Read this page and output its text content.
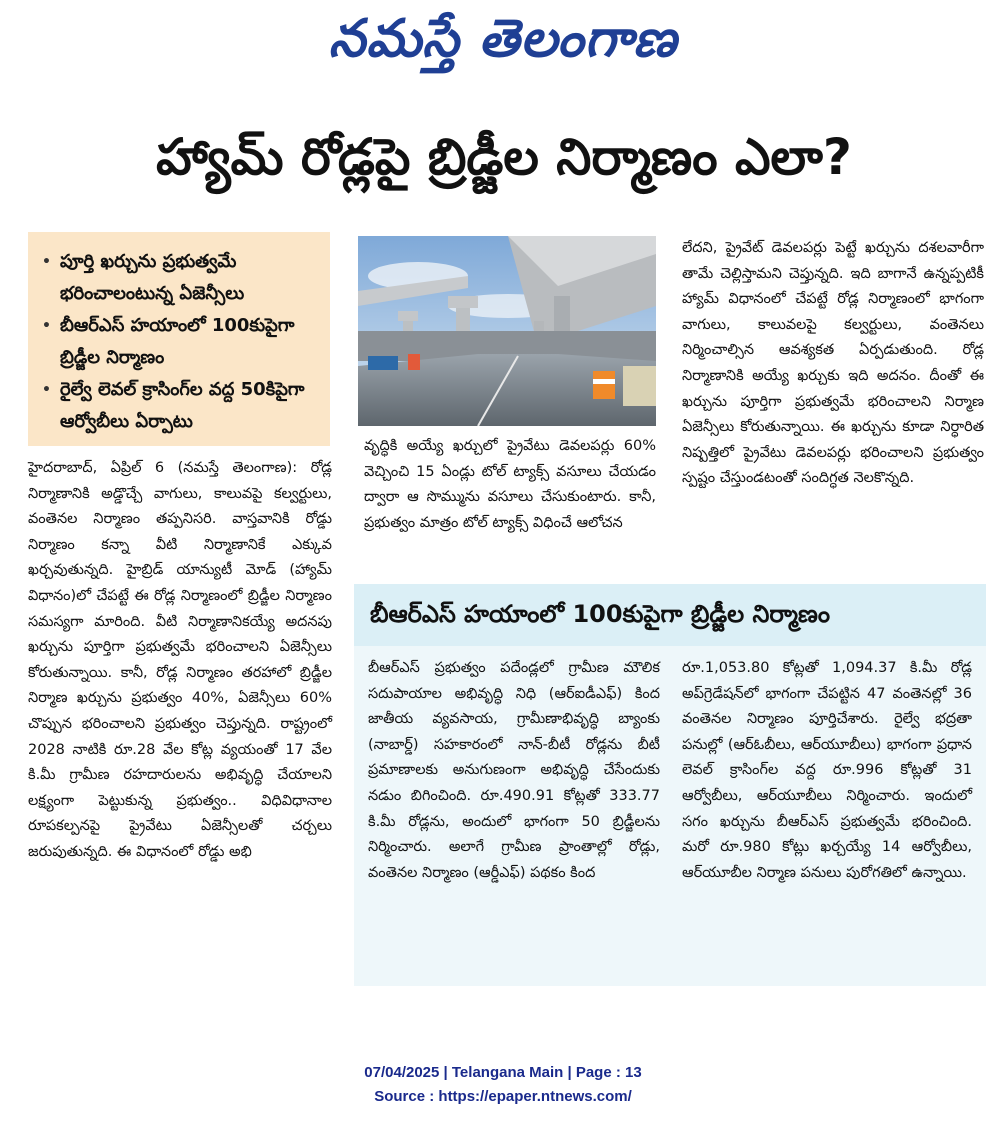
నమస్తే తెలంగాణ
హ్యామ్ రోడ్లపై బ్రిడ్జీల నిర్మాణం ఎలా?
• పూర్తి ఖర్చును ప్రభుత్వమే భరించాలంటున్న ఏజెన్సీలు
• బీఆర్ఎస్ హయాంలో 100కుపైగా బ్రిడ్జీల నిర్మాణం
• రైల్వే లెవల్ క్రాసింగ్‌ల వద్ద 50కిపైగా ఆర్వోబీలు ఏర్పాటు
హైదరాబాద్, ఏప్రిల్ 6 (నమస్తే తెలంగాణ): రోడ్ల నిర్మాణానికి అడ్డొచ్చే వాగులు, కాలువపై కల్వర్టులు, వంతెనల నిర్మాణం తప్పనిసరి. వాస్తవానికి రోడ్డు నిర్మాణం కన్నా వీటి నిర్మాణానికే ఎక్కువ ఖర్చవుతున్నది. హైబ్రిడ్ యాన్యుటీ మోడ్ (హ్యామ్ విధానం)లో చేపట్టే ఈ రోడ్ల నిర్మాణంలో బ్రిడ్జీల నిర్మాణం సమస్యగా మారింది. వీటి నిర్మాణానికయ్యే అదనపు ఖర్చును పూర్తిగా ప్రభుత్వమే భరించాలని ఏజెన్సీలు కోరుతున్నాయి. కానీ, రోడ్ల నిర్మాణం తరహాలో బ్రిడ్జీల నిర్మాణ ఖర్చును ప్రభుత్వం 40%, ఏజెన్సీలు 60% చొప్పున భరించాలని ప్రభుత్వం చెప్తున్నది. రాష్ట్రంలో 2028 నాటికి రూ.28 వేల కోట్ల వ్యయంతో 17 వేల కి.మీ గ్రామీణ రహదారులను అభివృద్ధి చేయాలని లక్ష్యంగా పెట్టుకున్న ప్రభుత్వం.. విధివిధానాల రూపకల్పనపై ప్రైవేటు ఏజెన్సీలతో చర్చలు జరుపుతున్నది. ఈ విధానంలో రోడ్డు అభి
వృద్ధికి అయ్యే ఖర్చులో ప్రైవేటు డెవలపర్లు 60% వెచ్చించి 15 ఏండ్లు టోల్ ట్యాక్స్ వసూలు చేయడం ద్వారా ఆ సొమ్మును వసూలు చేసుకుంటారు. కానీ, ప్రభుత్వం మాత్రం టోల్ ట్యాక్స్ విధించే ఆలోచన
లేదని, ప్రైవేట్ డెవలపర్లు పెట్టే ఖర్చును దశలవారీగా తామే చెల్లిస్తామని చెప్తున్నది. ఇది బాగానే ఉన్నప్పటికీ హ్యామ్ విధానంలో చేపట్టే రోడ్ల నిర్మాణంలో భాగంగా వాగులు, కాలువలపై కల్వర్టులు, వంతెనలు నిర్మించాల్సిన ఆవశ్యకత ఏర్పడుతుంది. రోడ్ల నిర్మాణానికి అయ్యే ఖర్చుకు ఇది అదనం. దీంతో ఈ ఖర్చును పూర్తిగా ప్రభుత్వమే భరించాలని నిర్మాణ ఏజెన్సీలు కోరుతున్నాయి. ఈ ఖర్చును కూడా నిర్ధారిత నిష్పత్తిలో ప్రైవేటు డెవలపర్లు భరించాలని ప్రభుత్వం స్పష్టం చేస్తుండటంతో సందిగ్ధత నెలకొన్నది.
బీఆర్ఎస్ హయాంలో 100కుపైగా బ్రిడ్జీల నిర్మాణం
బీఆర్ఎస్ ప్రభుత్వం పదేండ్లలో గ్రామీణ మౌలిక సదుపాయాల అభివృద్ధి నిధి (ఆర్ఐడీఎఫ్) కింద జాతీయ వ్యవసాయ, గ్రామీణాభివృద్ధి బ్యాంకు (నాబార్డ్) సహకారంలో నాన్-బీటీ రోడ్లను బీటీ ప్రమాణాలకు అనుగుణంగా అభివృద్ధి చేసేందుకు నడుం బిగించింది. రూ.490.91 కోట్లతో 333.77 కి.మీ రోడ్లను, అందులో భాగంగా 50 బ్రిడ్జీలను నిర్మించారు. అలాగే గ్రామీణ ప్రాంతాల్లో రోడ్లు, వంతెనల నిర్మాణం (ఆర్డీఎఫ్) పథకం కింద
రూ.1,053.80 కోట్లతో 1,094.37 కి.మీ రోడ్ల అప్‌గ్రెడేషన్‌లో భాగంగా చేపట్టిన 47 వంతెనల్లో 36 వంతెనల నిర్మాణం పూర్తిచేశారు. రైల్వే భద్రతా పనుల్లో (ఆర్ఓబీలు, ఆర్‌యూబీలు) భాగంగా ప్రధాన లెవల్ క్రాసింగ్‌ల వద్ద రూ.996 కోట్లతో 31 ఆర్వోబీలు, ఆర్‌యూబీలు నిర్మించారు. ఇందులో సగం ఖర్చును బీఆర్ఎస్ ప్రభుత్వమే భరించింది. మరో రూ.980 కోట్లు ఖర్చయ్యే 14 ఆర్వోబీలు, ఆర్‌యూబీల నిర్మాణ పనులు పురోగతిలో ఉన్నాయి.
07/04/2025 | Telangana Main | Page : 13
Source : https://epaper.ntnews.com/
